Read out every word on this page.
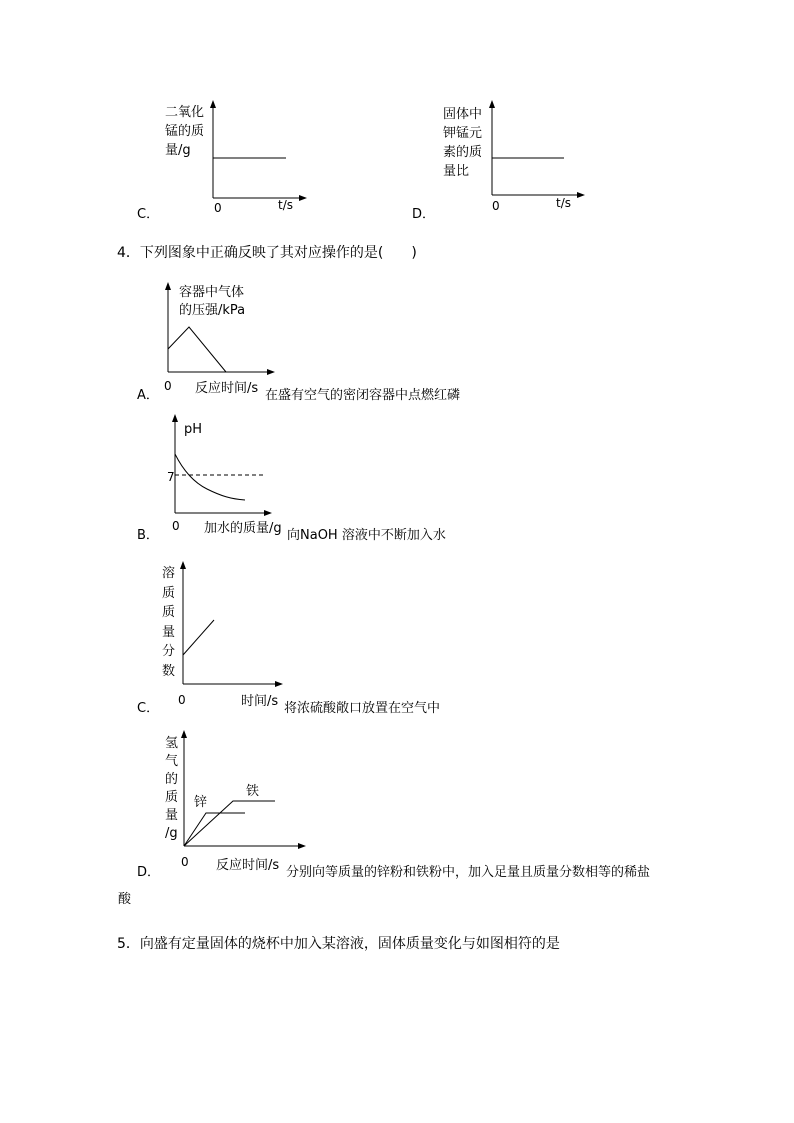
C．
二氧化
锰的质
量/g
0	t/s
D．
固体中
钾锰元
素的质
量比
0	t/s
4．下列图象中正确反映了其对应操作的是(　　)
A．
容器中气体
的压强/kPa
0 反应时间/s 在盛有空气的密闭容器中点燃红磷
B．
pH
7
0 加水的质量/g 向NaOH 溶液中不断加入水
C．
溶
质
质
量
分
数
0	时间/s 将浓硫酸敞口放置在空气中
D．
氢
气
的
质
量
/g
锌
铁
0 反应时间/s 分别向等质量的锌粉和铁粉中，加入足量且质量分数相等的稀盐
酸
5．向盛有定量固体的烧杯中加入某溶液，固体质量变化与如图相符的是
